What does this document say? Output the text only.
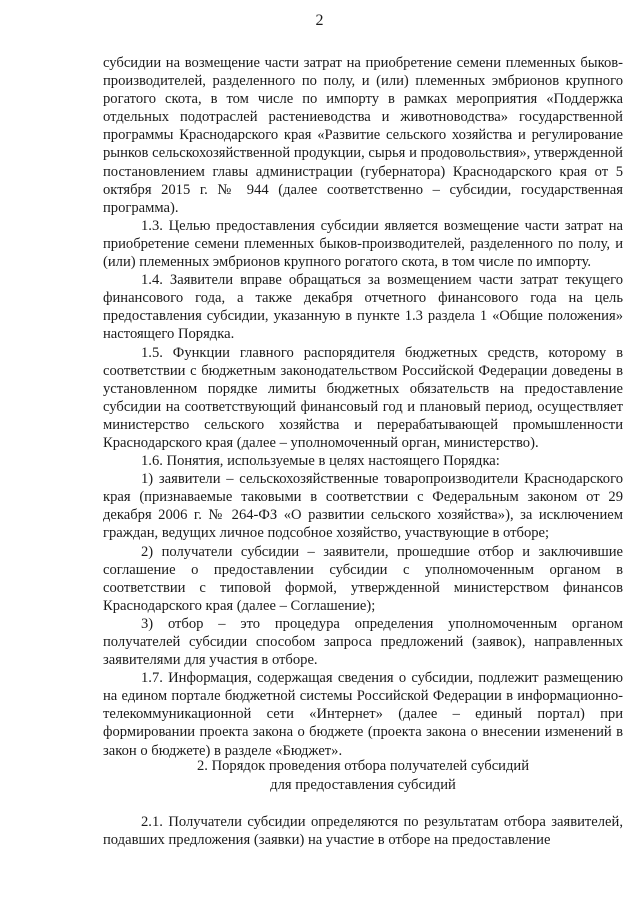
2

субсидии на возмещение части затрат на приобретение семени племенных быков-производителей, разделенного по полу, и (или) племенных эмбрионов крупного рогатого скота, в том числе по импорту в рамках мероприятия «Поддержка отдельных подотраслей растениеводства и животноводства» государственной программы Краснодарского края «Развитие сельского хозяйства и регулирование рынков сельскохозяйственной продукции, сырья и продовольствия», утвержденной постановлением главы администрации (губернатора) Краснодарского края от 5 октября 2015 г. № 944 (далее соответственно – субсидии, государственная программа).

1.3. Целью предоставления субсидии является возмещение части затрат на приобретение семени племенных быков-производителей, разделенного по полу, и (или) племенных эмбрионов крупного рогатого скота, в том числе по импорту.

1.4. Заявители вправе обращаться за возмещением части затрат текущего финансового года, а также декабря отчетного финансового года на цель предоставления субсидии, указанную в пункте 1.3 раздела 1 «Общие положения» настоящего Порядка.

1.5. Функции главного распорядителя бюджетных средств, которому в соответствии с бюджетным законодательством Российской Федерации доведены в установленном порядке лимиты бюджетных обязательств на предоставление субсидии на соответствующий финансовый год и плановый период, осуществляет министерство сельского хозяйства и перерабатывающей промышленности Краснодарского края (далее – уполномоченный орган, министерство).

1.6. Понятия, используемые в целях настоящего Порядка:

1) заявители – сельскохозяйственные товаропроизводители Краснодарского края (признаваемые таковыми в соответствии с Федеральным законом от 29 декабря 2006 г. № 264-ФЗ «О развитии сельского хозяйства»), за исключением граждан, ведущих личное подсобное хозяйство, участвующие в отборе;

2) получатели субсидии – заявители, прошедшие отбор и заключившие соглашение о предоставлении субсидии с уполномоченным органом в соответствии с типовой формой, утвержденной министерством финансов Краснодарского края (далее – Соглашение);

3) отбор – это процедура определения уполномоченным органом получателей субсидии способом запроса предложений (заявок), направленных заявителями для участия в отборе.

1.7. Информация, содержащая сведения о субсидии, подлежит размещению на едином портале бюджетной системы Российской Федерации в информационно-телекоммуникационной сети «Интернет» (далее – единый портал) при формировании проекта закона о бюджете (проекта закона о внесении изменений в закон о бюджете) в разделе «Бюджет».

2. Порядок проведения отбора получателей субсидий
для предоставления субсидий

2.1. Получатели субсидии определяются по результатам отбора заявителей, подавших предложения (заявки) на участие в отборе на предоставление
